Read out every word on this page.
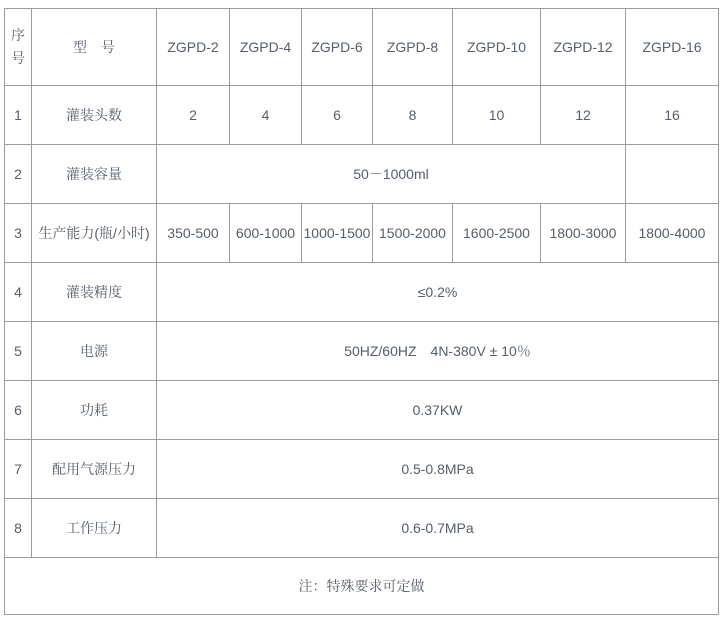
序号	型　号	ZGPD-2	ZGPD-4	ZGPD-6	ZGPD-8	ZGPD-10	ZGPD-12	ZGPD-16
1	灌装头数	2	4	6	8	10	12	16
2	灌装容量	50－1000ml						
3	生产能力(瓶/小时)	350-500	600-1000	1000-1500	1500-2000	1600-2500	1800-3000	1800-4000
4	灌装精度	≤0.2%						
5	电源	50HZ/60HZ　4N-380V ± 10％						
6	功耗	0.37KW						
7	配用气源压力	0.5-0.8MPa						
8	工作压力	0.6-0.7MPa						
注：特殊要求可定做								
